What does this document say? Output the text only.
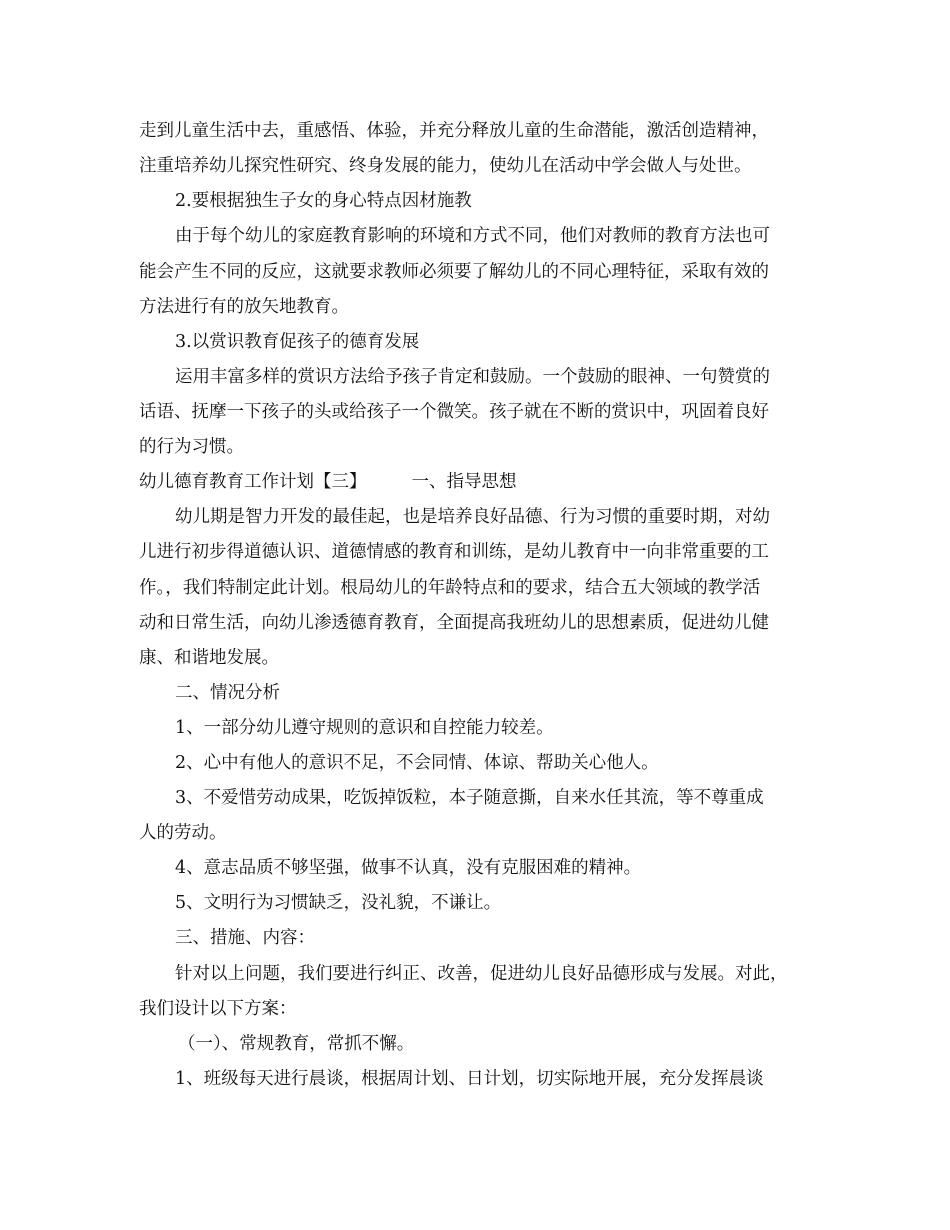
走到儿童生活中去，重感悟、体验，并充分释放儿童的生命潜能，激活创造精神，
注重培养幼儿探究性研究、终身发展的能力，使幼儿在活动中学会做人与处世。
2.要根据独生子女的身心特点因材施教
由于每个幼儿的家庭教育影响的环境和方式不同，他们对教师的教育方法也可
能会产生不同的反应，这就要求教师必须要了解幼儿的不同心理特征，采取有效的
方法进行有的放矢地教育。
3.以赏识教育促孩子的德育发展
运用丰富多样的赏识方法给予孩子肯定和鼓励。一个鼓励的眼神、一句赞赏的
话语、抚摩一下孩子的头或给孩子一个微笑。孩子就在不断的赏识中，巩固着良好
的行为习惯。
幼儿德育教育工作计划【三】	一、指导思想
幼儿期是智力开发的最佳起，也是培养良好品德、行为习惯的重要时期，对幼
儿进行初步得道德认识、道德情感的教育和训练，是幼儿教育中一向非常重要的工
作。，我们特制定此计划。根局幼儿的年龄特点和的要求，结合五大领域的教学活
动和日常生活，向幼儿渗透德育教育，全面提高我班幼儿的思想素质，促进幼儿健
康、和谐地发展。
二、情况分析
1、一部分幼儿遵守规则的意识和自控能力较差。
2、心中有他人的意识不足，不会同情、体谅、帮助关心他人。
3、不爱惜劳动成果，吃饭掉饭粒，本子随意撕，自来水任其流，等不尊重成
人的劳动。
4、意志品质不够坚强，做事不认真，没有克服困难的精神。
5、文明行为习惯缺乏，没礼貌，不谦让。
三、措施、内容：
针对以上问题，我们要进行纠正、改善，促进幼儿良好品德形成与发展。对此，
我们设计以下方案：
（一）、常规教育，常抓不懈。
1、班级每天进行晨谈，根据周计划、日计划，切实际地开展，充分发挥晨谈
